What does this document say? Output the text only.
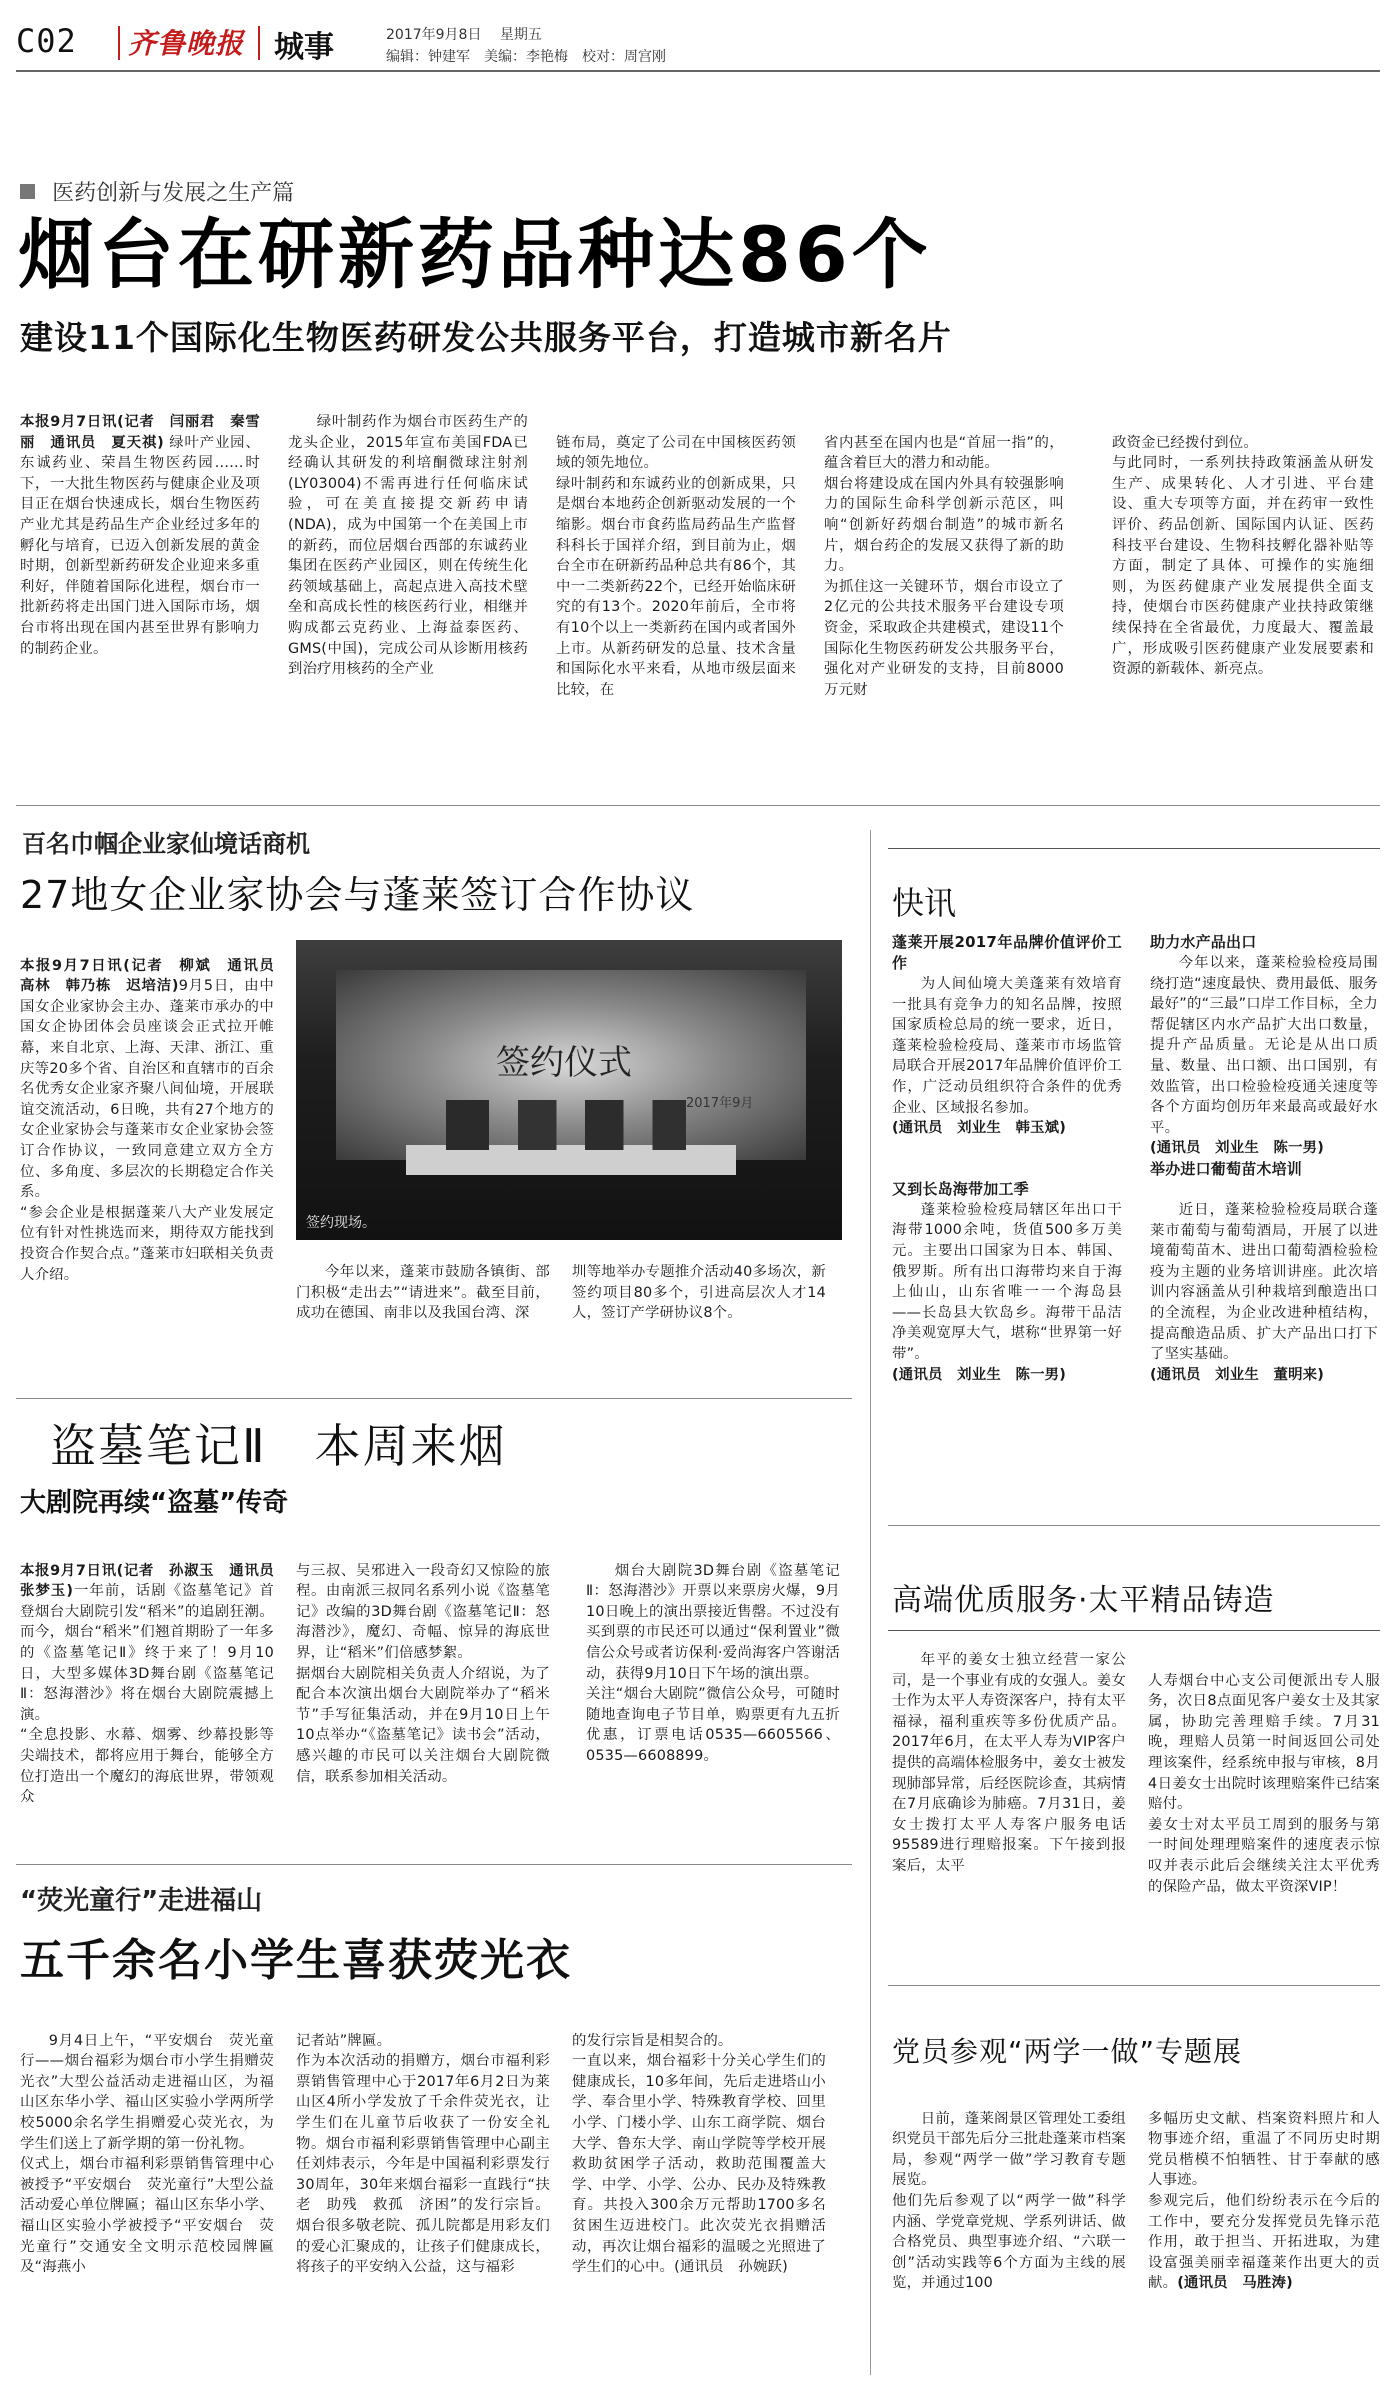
C02 齐鲁晚报 城事	2017年9月8日 星期五
编辑：钟建军　美编：李艳梅　校对：周宫刚
医药创新与发展之生产篇
烟台在研新药品种达86个
建设11个国际化生物医药研发公共服务平台，打造城市新名片

本报9月7日讯(记者　闫丽君　秦雪丽　通讯员　夏天祺) 绿叶产业园、东诚药业、荣昌生物医药园……时下，一大批生物医药与健康企业及项目正在烟台快速成长，烟台生物医药产业尤其是药品生产企业经过多年的孵化与培育，已迈入创新发展的黄金时期，创新型新药研发企业迎来多重利好，伴随着国际化进程，烟台市一批新药将走出国门进入国际市场，烟台市将出现在国内甚至世界有影响力的制药企业。

绿叶制药作为烟台市医药生产的龙头企业，2015年宣布美国FDA已经确认其研发的利培酮微球注射剂(LY03004)不需再进行任何临床试验，可在美直接提交新药申请(NDA)，成为中国第一个在美国上市的新药，而位居烟台西部的东诚药业集团在医药产业园区，则在传统生化药领域基础上，高起点进入高技术壁垒和高成长性的核医药行业，相继并购成都云克药业、上海益泰医药、GMS(中国)，完成公司从诊断用核药到治疗用核药的全产业

链布局，奠定了公司在中国核医药领域的领先地位。
绿叶制药和东诚药业的创新成果，只是烟台本地药企创新驱动发展的一个缩影。烟台市食药监局药品生产监督科科长于国祥介绍，到目前为止，烟台全市在研新药品种总共有86个，其中一二类新药22个，已经开始临床研究的有13个。2020年前后，全市将有10个以上一类新药在国内或者国外上市。从新药研发的总量、技术含量和国际化水平来看，从地市级层面来比较，在

省内甚至在国内也是“首屈一指”的，蕴含着巨大的潜力和动能。
烟台将建设成在国内外具有较强影响力的国际生命科学创新示范区，叫响“创新好药烟台制造”的城市新名片，烟台药企的发展又获得了新的助力。
为抓住这一关键环节，烟台市设立了2亿元的公共技术服务平台建设专项资金，采取政企共建模式，建设11个国际化生物医药研发公共服务平台，强化对产业研发的支持，目前8000万元财

政资金已经拨付到位。
与此同时，一系列扶持政策涵盖从研发生产、成果转化、人才引进、平台建设、重大专项等方面，并在药审一致性评价、药品创新、国际国内认证、医药科技平台建设、生物科技孵化器补贴等方面，制定了具体、可操作的实施细则，为医药健康产业发展提供全面支持，使烟台市医药健康产业扶持政策继续保持在全省最优，力度最大、覆盖最广，形成吸引医药健康产业发展要素和资源的新载体、新亮点。

百名巾帼企业家仙境话商机
27地女企业家协会与蓬莱签订合作协议

本报9月7日讯(记者　柳斌　通讯员　高林　韩乃栋　迟培洁)9月5日，由中国女企业家协会主办、蓬莱市承办的中国女企协团体会员座谈会正式拉开帷幕，来自北京、上海、天津、浙江、重庆等20多个省、自治区和直辖市的百余名优秀女企业家齐聚八间仙境，开展联谊交流活动，6日晚，共有27个地方的女企业家协会与蓬莱市女企业家协会签订合作协议，一致同意建立双方全方位、多角度、多层次的长期稳定合作关系。
“参会企业是根据蓬莱八大产业发展定位有针对性挑选而来，期待双方能找到投资合作契合点。”蓬莱市妇联相关负责人介绍。

签约仪式
2017年9月
签约现场。

今年以来，蓬莱市鼓励各镇街、部门积极“走出去”“请进来”。截至目前，成功在德国、南非以及我国台湾、深

圳等地举办专题推介活动40多场次，新签约项目80多个，引进高层次人才14人，签订产学研协议8个。

盗墓笔记Ⅱ　本周来烟
大剧院再续“盗墓”传奇

本报9月7日讯(记者　孙淑玉　通讯员　张梦玉)一年前，话剧《盗墓笔记》首登烟台大剧院引发“稻米”的追剧狂潮。而今，烟台“稻米”们翘首期盼了一年多的《盗墓笔记Ⅱ》终于来了！9月10日，大型多媒体3D舞台剧《盗墓笔记Ⅱ：怒海潜沙》将在烟台大剧院震撼上演。
“全息投影、水幕、烟雾、纱幕投影等尖端技术，都将应用于舞台，能够全方位打造出一个魔幻的海底世界，带领观众

与三叔、吴邪进入一段奇幻又惊险的旅程。由南派三叔同名系列小说《盗墓笔记》改编的3D舞台剧《盗墓笔记Ⅱ：怒海潜沙》，魔幻、奇幅、惊异的海底世界，让“稻米”们倍感梦絮。
据烟台大剧院相关负责人介绍说，为了配合本次演出烟台大剧院举办了“稻米节”手写征集活动，并在9月10日上午10点举办“《盗墓笔记》读书会”活动，感兴趣的市民可以关注烟台大剧院微信，联系参加相关活动。

烟台大剧院3D舞台剧《盗墓笔记Ⅱ：怒海潜沙》开票以来票房火爆，9月10日晚上的演出票接近售罄。不过没有买到票的市民还可以通过“保利置业”微信公众号或者访保利·爱尚海客户答谢活动，获得9月10日下午场的演出票。
关注“烟台大剧院”微信公众号，可随时随地查询电子节目单，购票更有九五折优惠，订票电话0535—6605566、0535—6608899。

“荧光童行”走进福山
五千余名小学生喜获荧光衣

9月4日上午，“平安烟台　荧光童行——烟台福彩为烟台市小学生捐赠荧光衣”大型公益活动走进福山区，为福山区东华小学、福山区实验小学两所学校5000余名学生捐赠爱心荧光衣，为学生们送上了新学期的第一份礼物。
仪式上，烟台市福利彩票销售管理中心被授予“平安烟台　荧光童行”大型公益活动爱心单位牌匾；福山区东华小学、福山区实验小学被授予“平安烟台　荧光童行”交通安全文明示范校园牌匾及“海燕小

记者站”牌匾。
作为本次活动的捐赠方，烟台市福利彩票销售管理中心于2017年6月2日为莱山区4所小学发放了千余件荧光衣，让学生们在儿童节后收获了一份安全礼物。烟台市福利彩票销售管理中心副主任刘炜表示，今年是中国福利彩票发行30周年，30年来烟台福彩一直践行“扶老　助残　救孤　济困”的发行宗旨。烟台很多敬老院、孤儿院都是用彩友们的爱心汇聚成的，让孩子们健康成长，将孩子的平安纳入公益，这与福彩

的发行宗旨是相契合的。
一直以来，烟台福彩十分关心学生们的健康成长，10多年间，先后走进塔山小学、奉合里小学、特殊教育学校、回里小学、门楼小学、山东工商学院、烟台大学、鲁东大学、南山学院等学校开展救助贫困学子活动，救助范围覆盖大学、中学、小学、公办、民办及特殊教育。共投入300余万元帮助1700多名贫困生迈进校门。此次荧光衣捐赠活动，再次让烟台福彩的温暖之光照进了学生们的心中。(通讯员　孙婉跃)

快讯
蓬莱开展2017年品牌价值评价工作

为人间仙境大美蓬莱有效培育一批具有竞争力的知名品牌，按照国家质检总局的统一要求，近日，蓬莱检验检疫局、蓬莱市市场监管局联合开展2017年品牌价值评价工作，广泛动员组织符合条件的优秀企业、区域报名参加。

(通讯员　刘业生　韩玉斌)

又到长岛海带加工季

蓬莱检验检疫局辖区年出口干海带1000余吨，货值500多万美元。主要出口国家为日本、韩国、俄罗斯。所有出口海带均来自于海上仙山，山东省唯一一个海岛县——长岛县大钦岛乡。海带干品洁净美观宽厚大气，堪称“世界第一好带”。

(通讯员　刘业生　陈一男)

助力水产品出口

今年以来，蓬莱检验检疫局围绕打造“速度最快、费用最低、服务最好”的“三最”口岸工作目标，全力帮促辖区内水产品扩大出口数量，提升产品质量。无论是从出口质量、数量、出口额、出口国别，有效监管，出口检验检疫通关速度等各个方面均创历年来最高或最好水平。

(通讯员　刘业生　陈一男)

举办进口葡萄苗木培训

近日，蓬莱检验检疫局联合蓬莱市葡萄与葡萄酒局，开展了以进境葡萄苗木、进出口葡萄酒检验检疫为主题的业务培训讲座。此次培训内容涵盖从引种栽培到酿造出口的全流程，为企业改进种植结构，提高酿造品质、扩大产品出口打下了坚实基础。

(通讯员　刘业生　董明来)

高端优质服务·太平精品铸造

年平的姜女士独立经营一家公司，是一个事业有成的女强人。姜女士作为太平人寿资深客户，持有太平福禄，福利重疾等多份优质产品。2017年6月，在太平人寿为VIP客户提供的高端体检服务中，姜女士被发现肺部异常，后经医院诊查，其病情在7月底确诊为肺癌。7月31日，姜女士拨打太平人寿客户服务电话95589进行理赔报案。下午接到报案后，太平

人寿烟台中心支公司便派出专人服务，次日8点面见客户姜女士及其家属，协助完善理赔手续。7月31晚，理赔人员第一时间返回公司处理该案件，经系统申报与审核，8月4日姜女士出院时该理赔案件已结案赔付。
姜女士对太平员工周到的服务与第一时间处理理赔案件的速度表示惊叹并表示此后会继续关注太平优秀的保险产品，做太平资深VIP！

党员参观“两学一做”专题展

日前，蓬莱阁景区管理处工委组织党员干部先后分三批赴蓬莱市档案局，参观“两学一做”学习教育专题展览。
他们先后参观了以“两学一做”科学内涵、学党章党规、学系列讲话、做合格党员、典型事迹介绍、“六联一创”活动实践等6个方面为主线的展览，并通过100

多幅历史文献、档案资料照片和人物事迹介绍，重温了不同历史时期党员楷模不怕牺牲、甘于奉献的感人事迹。
参观完后，他们纷纷表示在今后的工作中，要充分发挥党员先锋示范作用，敢于担当、开拓进取，为建设富强美丽幸福蓬莱作出更大的贡献。(通讯员　马胜涛)
